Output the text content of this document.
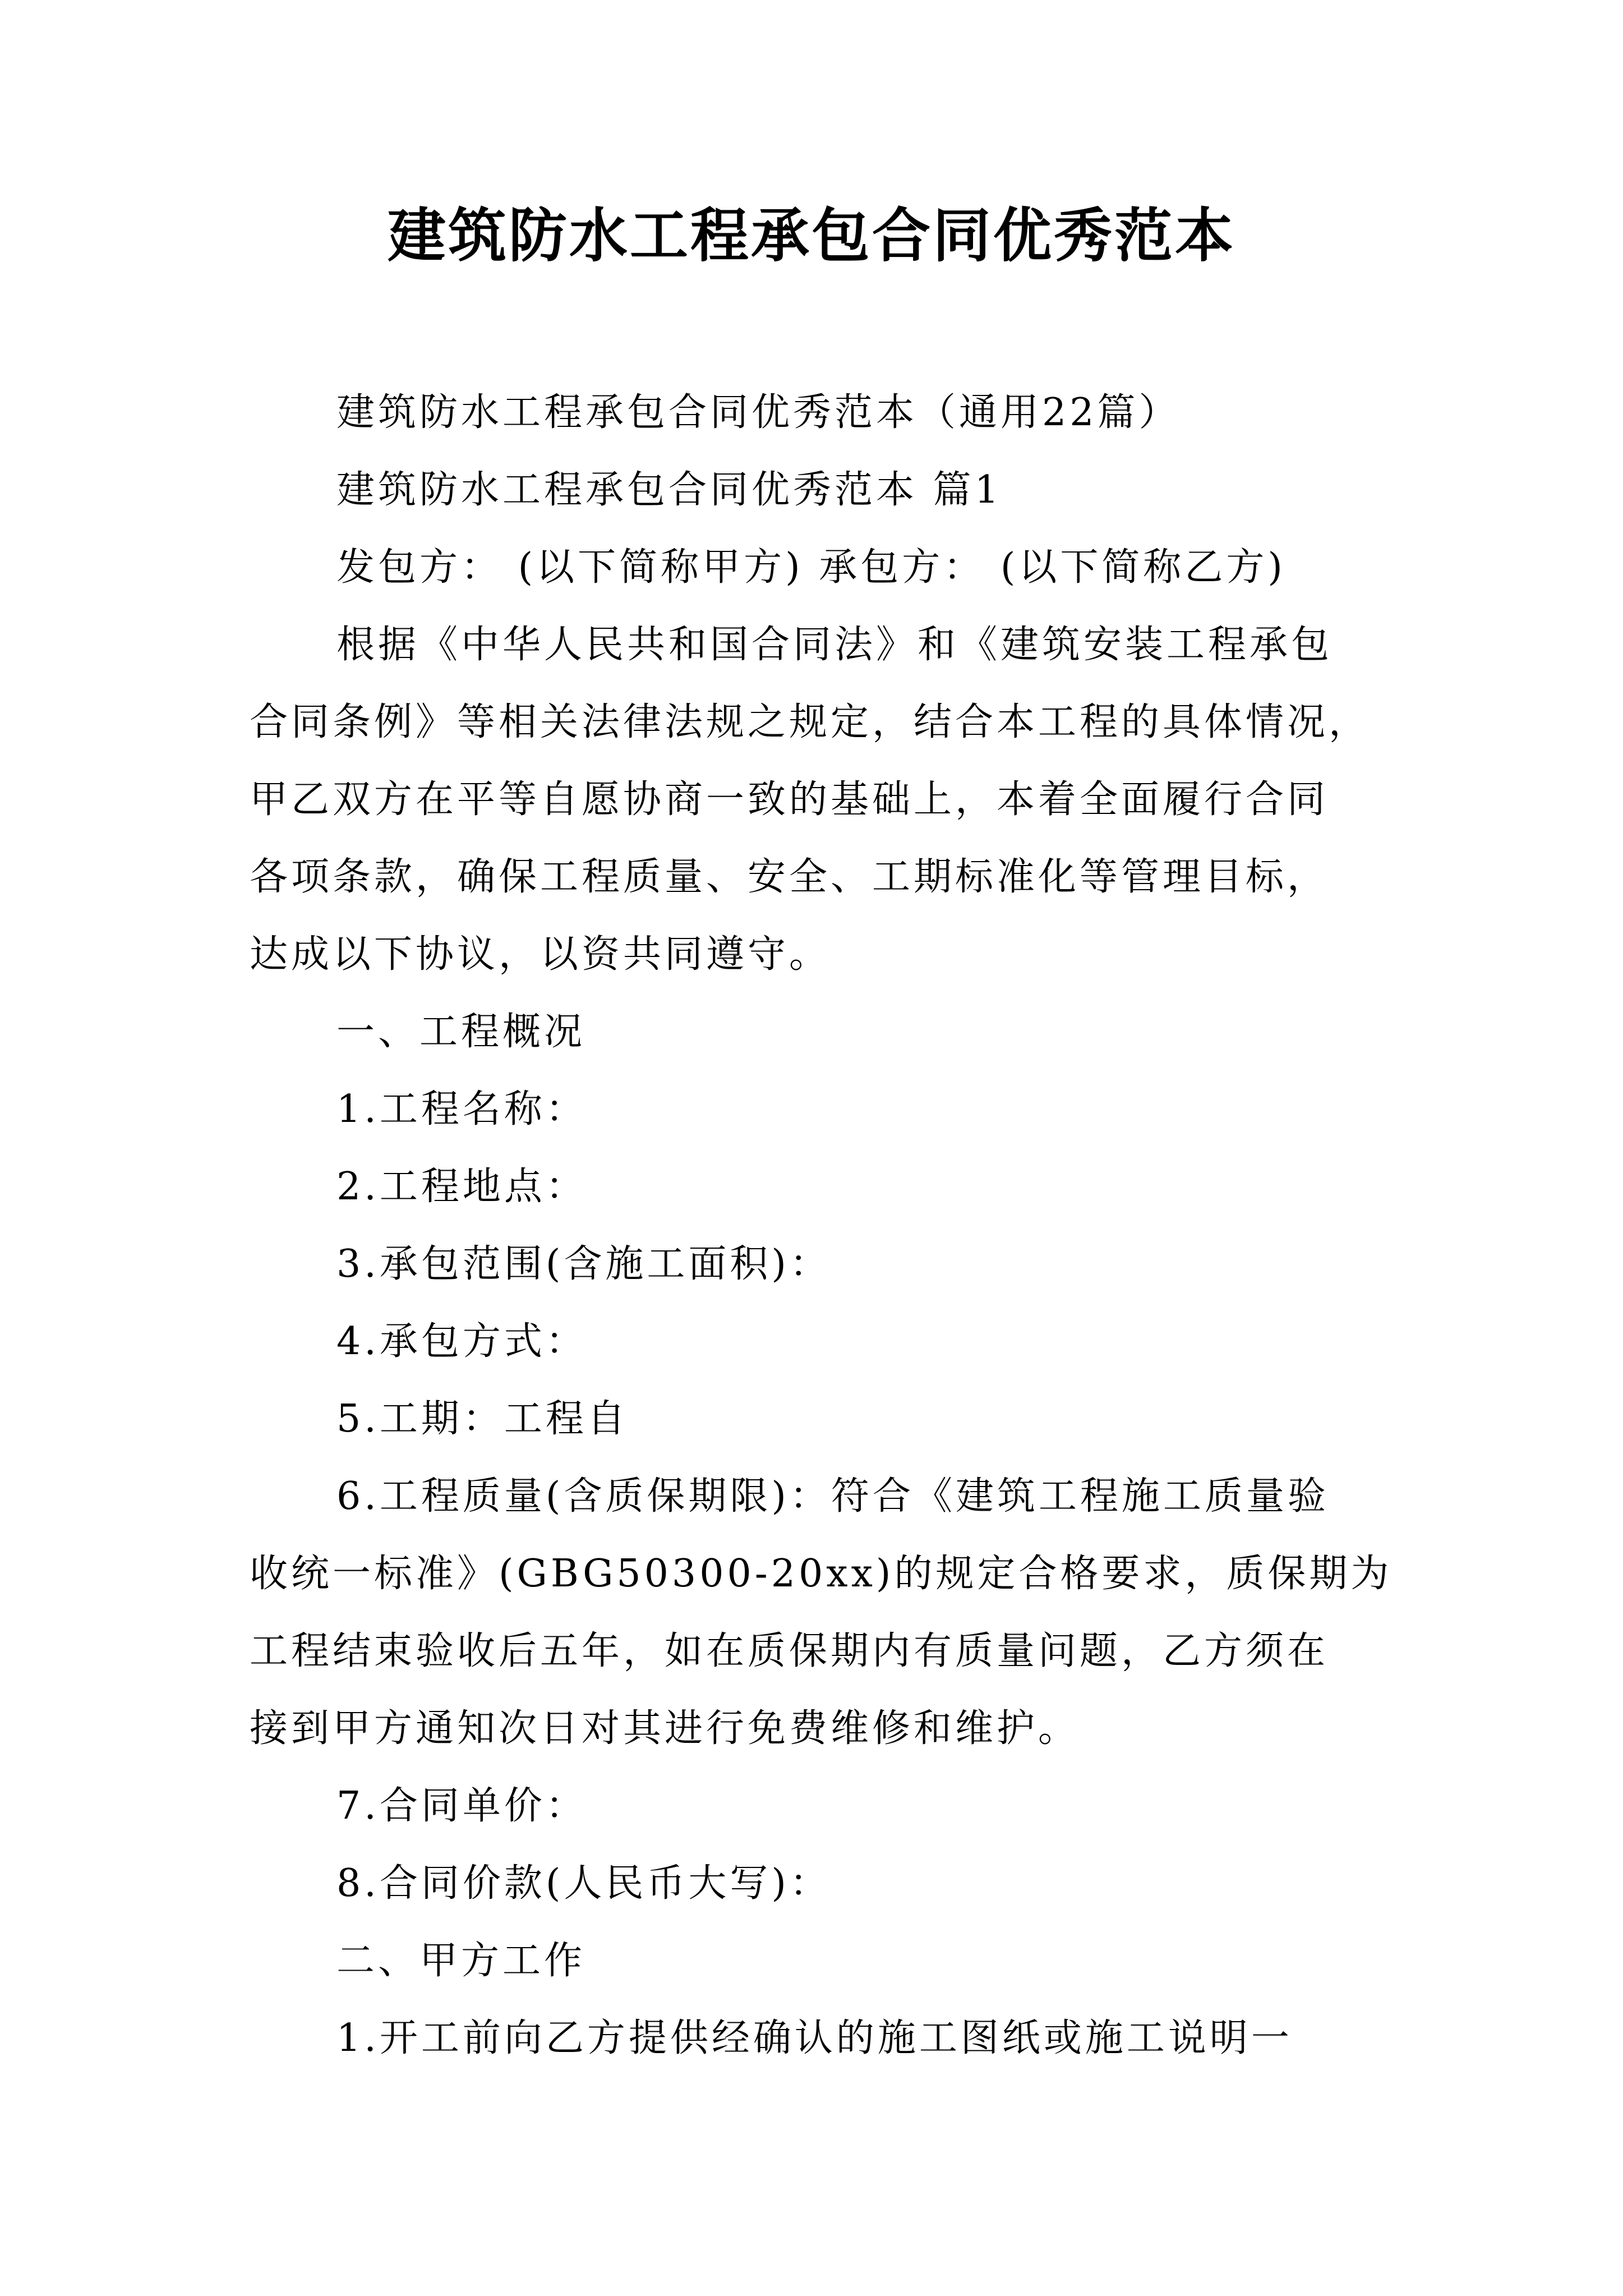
建筑防水工程承包合同优秀范本
建筑防水工程承包合同优秀范本（通用22篇）
建筑防水工程承包合同优秀范本 篇1
发包方： (以下简称甲方) 承包方： (以下简称乙方)
根据《中华人民共和国合同法》和《建筑安装工程承包
合同条例》等相关法律法规之规定，结合本工程的具体情况，
甲乙双方在平等自愿协商一致的基础上，本着全面履行合同
各项条款，确保工程质量、安全、工期标准化等管理目标，
达成以下协议，以资共同遵守。
一、工程概况
1.工程名称：
2.工程地点：
3.承包范围(含施工面积)：
4.承包方式：
5.工期：工程自
6.工程质量(含质保期限)：符合《建筑工程施工质量验
收统一标准》(GBG50300-20xx)的规定合格要求，质保期为
工程结束验收后五年，如在质保期内有质量问题，乙方须在
接到甲方通知次日对其进行免费维修和维护。
7.合同单价：
8.合同价款(人民币大写)：
二、甲方工作
1.开工前向乙方提供经确认的施工图纸或施工说明一
